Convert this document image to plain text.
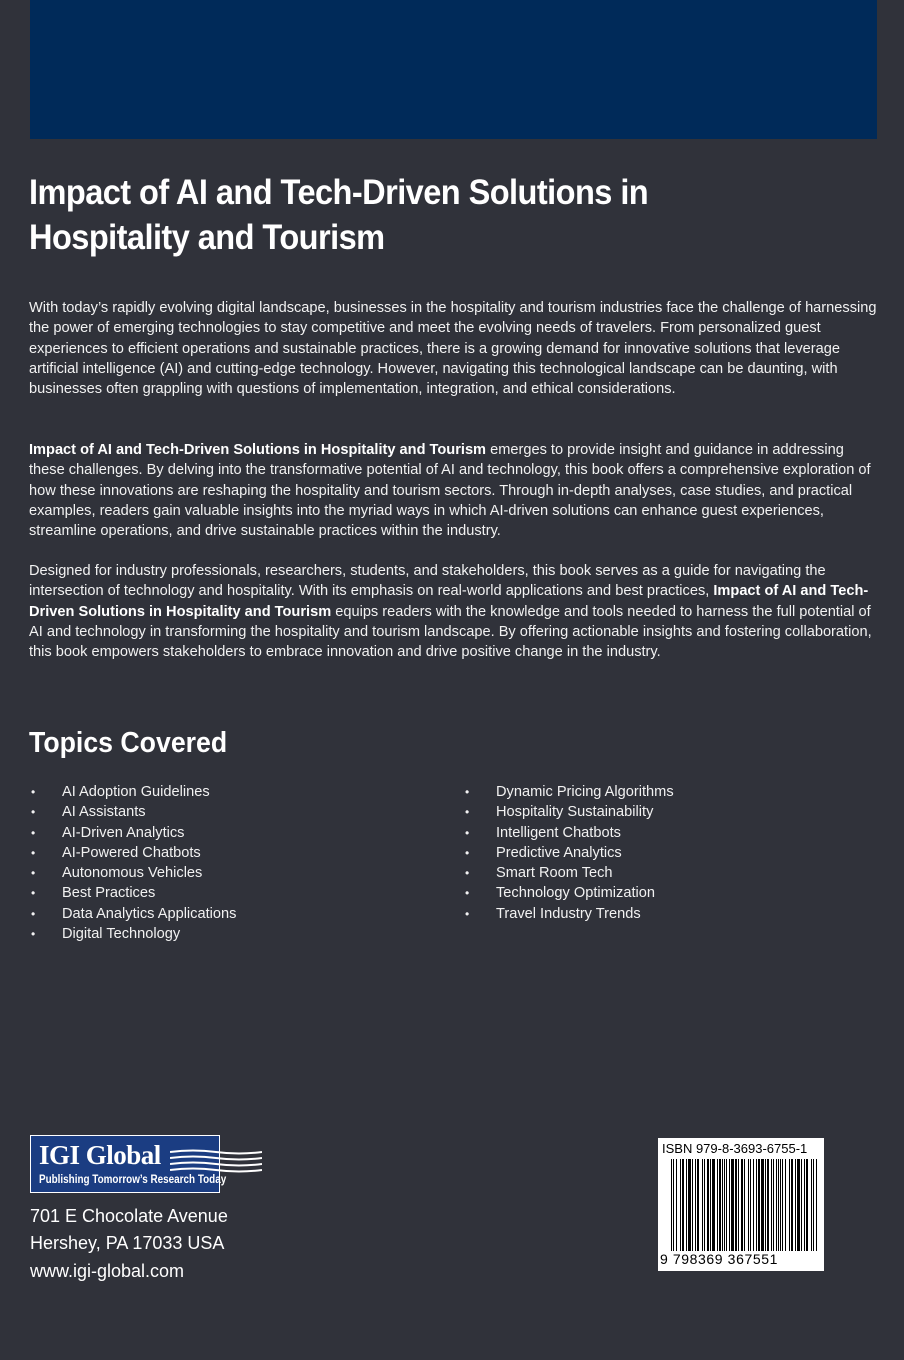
Impact of AI and Tech-Driven Solutions in
Hospitality and Tourism

With today’s rapidly evolving digital landscape, businesses in the hospitality and tourism industries face the challenge of harnessing the power of emerging technologies to stay competitive and meet the evolving needs of travelers. From personalized guest experiences to efficient operations and sustainable practices, there is a growing demand for innovative solutions that leverage artificial intelligence (AI) and cutting-edge technology. However, navigating this technological landscape can be daunting, with businesses often grappling with questions of implementation, integration, and ethical considerations.

Impact of AI and Tech-Driven Solutions in Hospitality and Tourism emerges to provide insight and guidance in addressing these challenges. By delving into the transformative potential of AI and technology, this book offers a comprehensive exploration of how these innovations are reshaping the hospitality and tourism sectors. Through in-depth analyses, case studies, and practical examples, readers gain valuable insights into the myriad ways in which AI-driven solutions can enhance guest experiences, streamline operations, and drive sustainable practices within the industry.

Designed for industry professionals, researchers, students, and stakeholders, this book serves as a guide for navigating the intersection of technology and hospitality. With its emphasis on real-world applications and best practices, Impact of AI and Tech-Driven Solutions in Hospitality and Tourism equips readers with the knowledge and tools needed to harness the full potential of AI and technology in transforming the hospitality and tourism landscape. By offering actionable insights and fostering collaboration, this book empowers stakeholders to embrace innovation and drive positive change in the industry.

Topics Covered
• AI Adoption Guidelines
• AI Assistants
• AI-Driven Analytics
• AI-Powered Chatbots
• Autonomous Vehicles
• Best Practices
• Data Analytics Applications
• Digital Technology
• Dynamic Pricing Algorithms
• Hospitality Sustainability
• Intelligent Chatbots
• Predictive Analytics
• Smart Room Tech
• Technology Optimization
• Travel Industry Trends
IGI Global
Publishing Tomorrow’s Research Today

701 E Chocolate Avenue

Hershey, PA 17033 USA

www.igi-global.com

ISBN 979-8-3693-6755-1
9 798369 367551
